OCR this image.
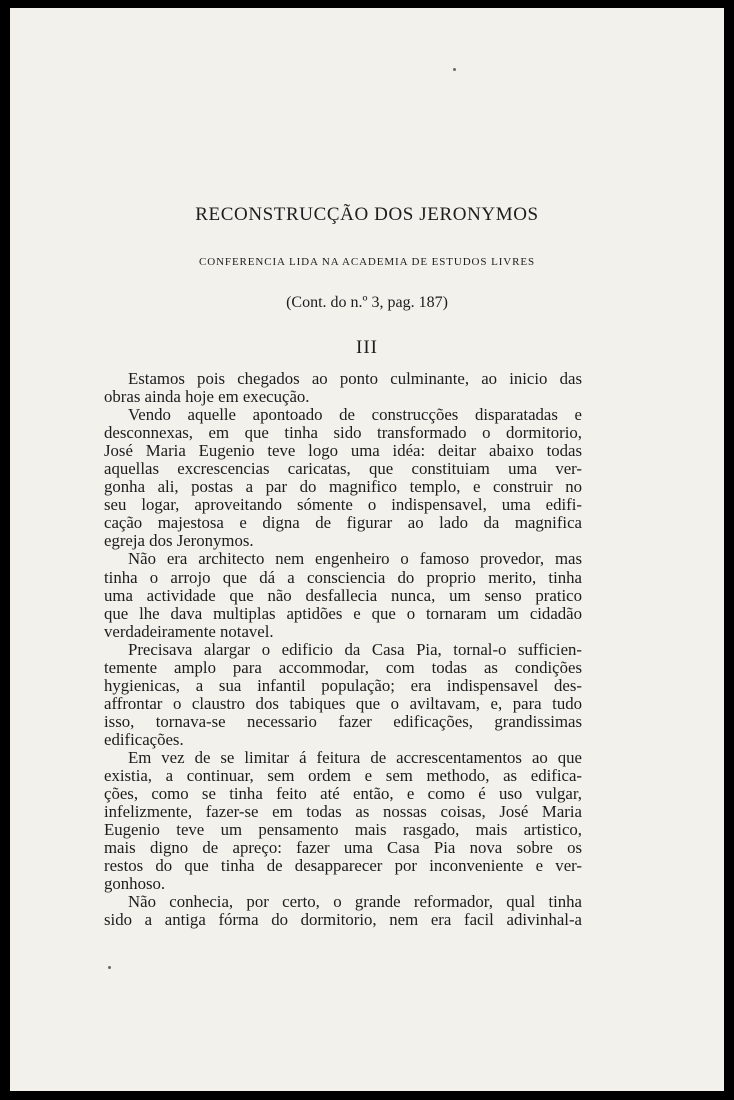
RECONSTRUCÇÃO DOS JERONYMOS
CONFERENCIA LIDA NA ACADEMIA DE ESTUDOS LIVRES
(Cont. do n.º 3, pag. 187)
III
Estamos pois chegados ao ponto culminante, ao inicio das
obras ainda hoje em execução.
Vendo aquelle apontoado de construcções disparatadas e
desconnexas, em que tinha sido transformado o dormitorio,
José Maria Eugenio teve logo uma idéa: deitar abaixo todas
aquellas excrescencias caricatas, que constituiam uma ver-
gonha ali, postas a par do magnifico templo, e construir no
seu logar, aproveitando sómente o indispensavel, uma edifi-
cação majestosa e digna de figurar ao lado da magnifica
egreja dos Jeronymos.
Não era architecto nem engenheiro o famoso provedor, mas
tinha o arrojo que dá a consciencia do proprio merito, tinha
uma actividade que não desfallecia nunca, um senso pratico
que lhe dava multiplas aptidões e que o tornaram um cidadão
verdadeiramente notavel.
Precisava alargar o edificio da Casa Pia, tornal-o sufficien-
temente amplo para accommodar, com todas as condições
hygienicas, a sua infantil população; era indispensavel des-
affrontar o claustro dos tabiques que o aviltavam, e, para tudo
isso, tornava-se necessario fazer edificações, grandissimas
edificações.
Em vez de se limitar á feitura de accrescentamentos ao que
existia, a continuar, sem ordem e sem methodo, as edifica-
ções, como se tinha feito até então, e como é uso vulgar,
infelizmente, fazer-se em todas as nossas coisas, José Maria
Eugenio teve um pensamento mais rasgado, mais artistico,
mais digno de apreço: fazer uma Casa Pia nova sobre os
restos do que tinha de desapparecer por inconveniente e ver-
gonhoso.
Não conhecia, por certo, o grande reformador, qual tinha
sido a antiga fórma do dormitorio, nem era facil adivinhal-a
